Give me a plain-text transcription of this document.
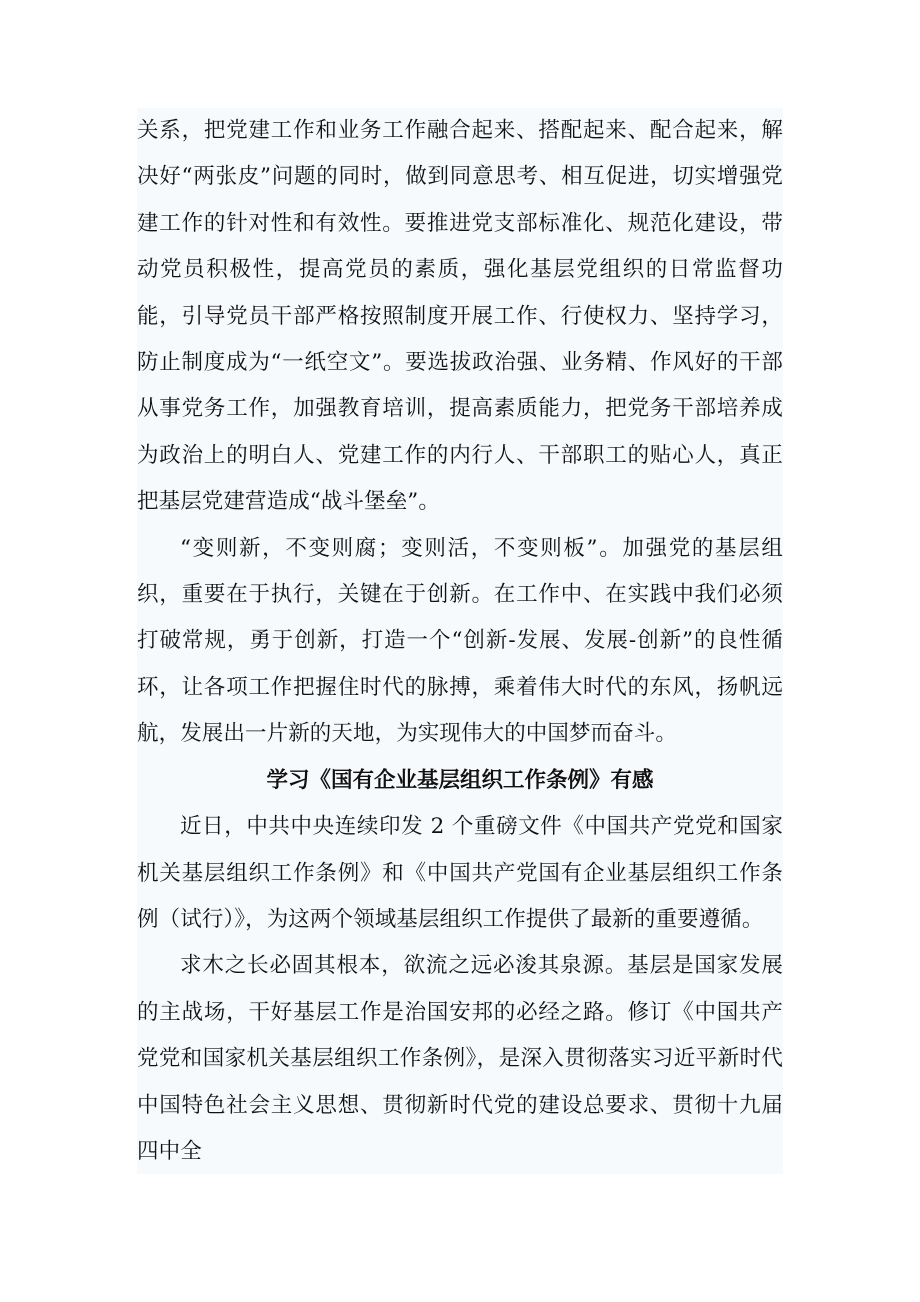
关系，把党建工作和业务工作融合起来、搭配起来、配合起来，解决好“两张皮”问题的同时，做到同意思考、相互促进，切实增强党建工作的针对性和有效性。要推进党支部标准化、规范化建设，带动党员积极性，提高党员的素质，强化基层党组织的日常监督功能，引导党员干部严格按照制度开展工作、行使权力、坚持学习，防止制度成为“一纸空文”。要选拔政治强、业务精、作风好的干部从事党务工作，加强教育培训，提高素质能力，把党务干部培养成为政治上的明白人、党建工作的内行人、干部职工的贴心人，真正把基层党建营造成“战斗堡垒”。

“变则新，不变则腐；变则活，不变则板”。加强党的基层组织，重要在于执行，关键在于创新。在工作中、在实践中我们必须打破常规，勇于创新，打造一个“创新-发展、发展-创新”的良性循环，让各项工作把握住时代的脉搏，乘着伟大时代的东风，扬帆远航，发展出一片新的天地，为实现伟大的中国梦而奋斗。

学习《国有企业基层组织工作条例》有感

近日，中共中央连续印发 2 个重磅文件《中国共产党党和国家机关基层组织工作条例》和《中国共产党国有企业基层组织工作条例（试行）》，为这两个领域基层组织工作提供了最新的重要遵循。

求木之长必固其根本，欲流之远必浚其泉源。基层是国家发展的主战场，干好基层工作是治国安邦的必经之路。修订《中国共产党党和国家机关基层组织工作条例》，是深入贯彻落实习近平新时代中国特色社会主义思想、贯彻新时代党的建设总要求、贯彻十九届四中全
